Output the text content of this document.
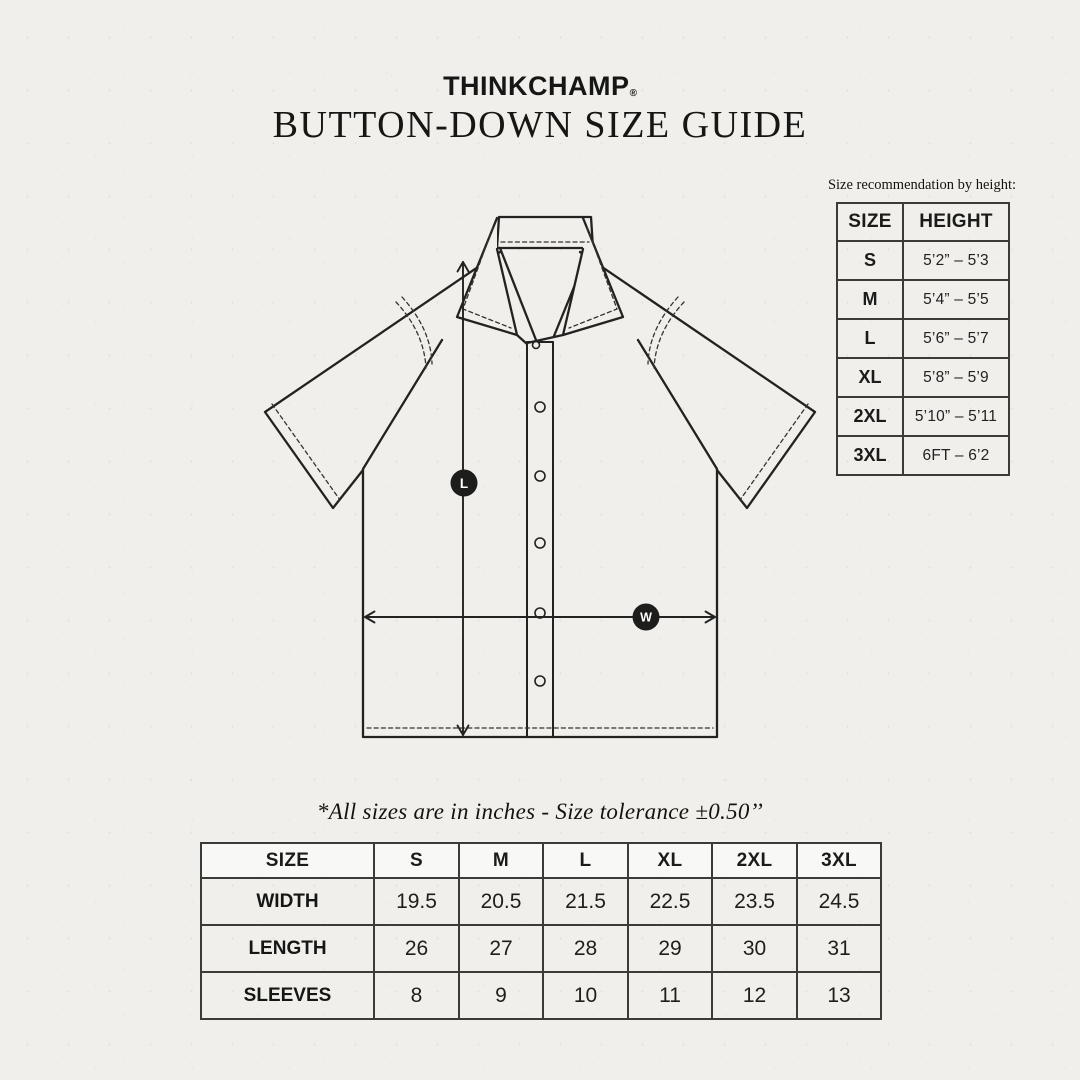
THINKCHAMP®
BUTTON-DOWN SIZE GUIDE
Size recommendation by height:
SIZE	HEIGHT
S	5’2” – 5’3
M	5’4” – 5’5
L	5’6” – 5’7
XL	5’8” – 5’9
2XL	5’10” – 5’11
3XL	6FT – 6’2
L
W
*All sizes are in inches - Size tolerance ±0.50’’
SIZE	S	M	L	XL	2XL	3XL
WIDTH	19.5	20.5	21.5	22.5	23.5	24.5
LENGTH	26	27	28	29	30	31
SLEEVES	8	9	10	11	12	13
